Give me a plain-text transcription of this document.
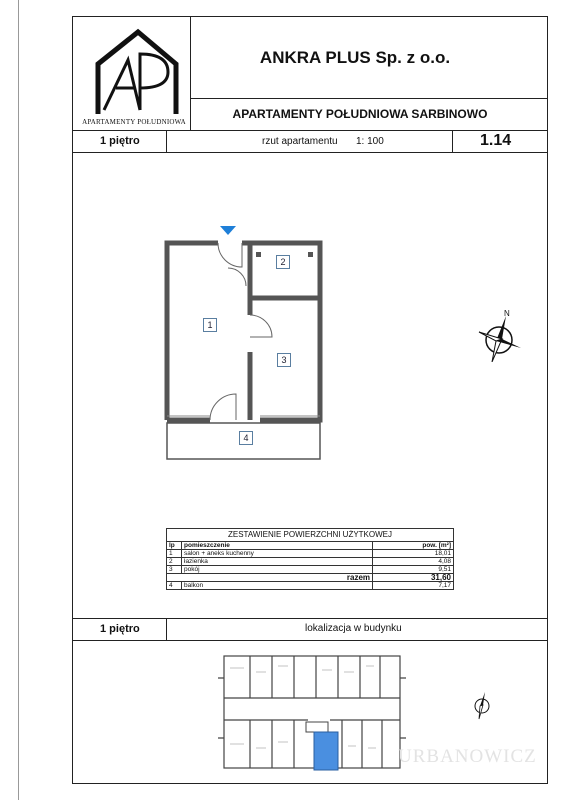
APARTAMENTY POŁUDNIOWA
ANKRA PLUS Sp. z o.o.
APARTAMENTY POŁUDNIOWA SARBINOWO
1 piętro	rzut apartamentu 1: 100	1.14
1
2
3
4
N
ZESTAWIENIE POWIERZCHNI UŻYTKOWEJ		
lp	pomieszczenie	pow. [m²]
1	salon + aneks kuchenny	18,01
2	łazienka	4,08
3	pokój	9,51
razem		31,60
4	balkon	7,17
1 piętro	lokalizacja w budynku
URBANOWICZ
